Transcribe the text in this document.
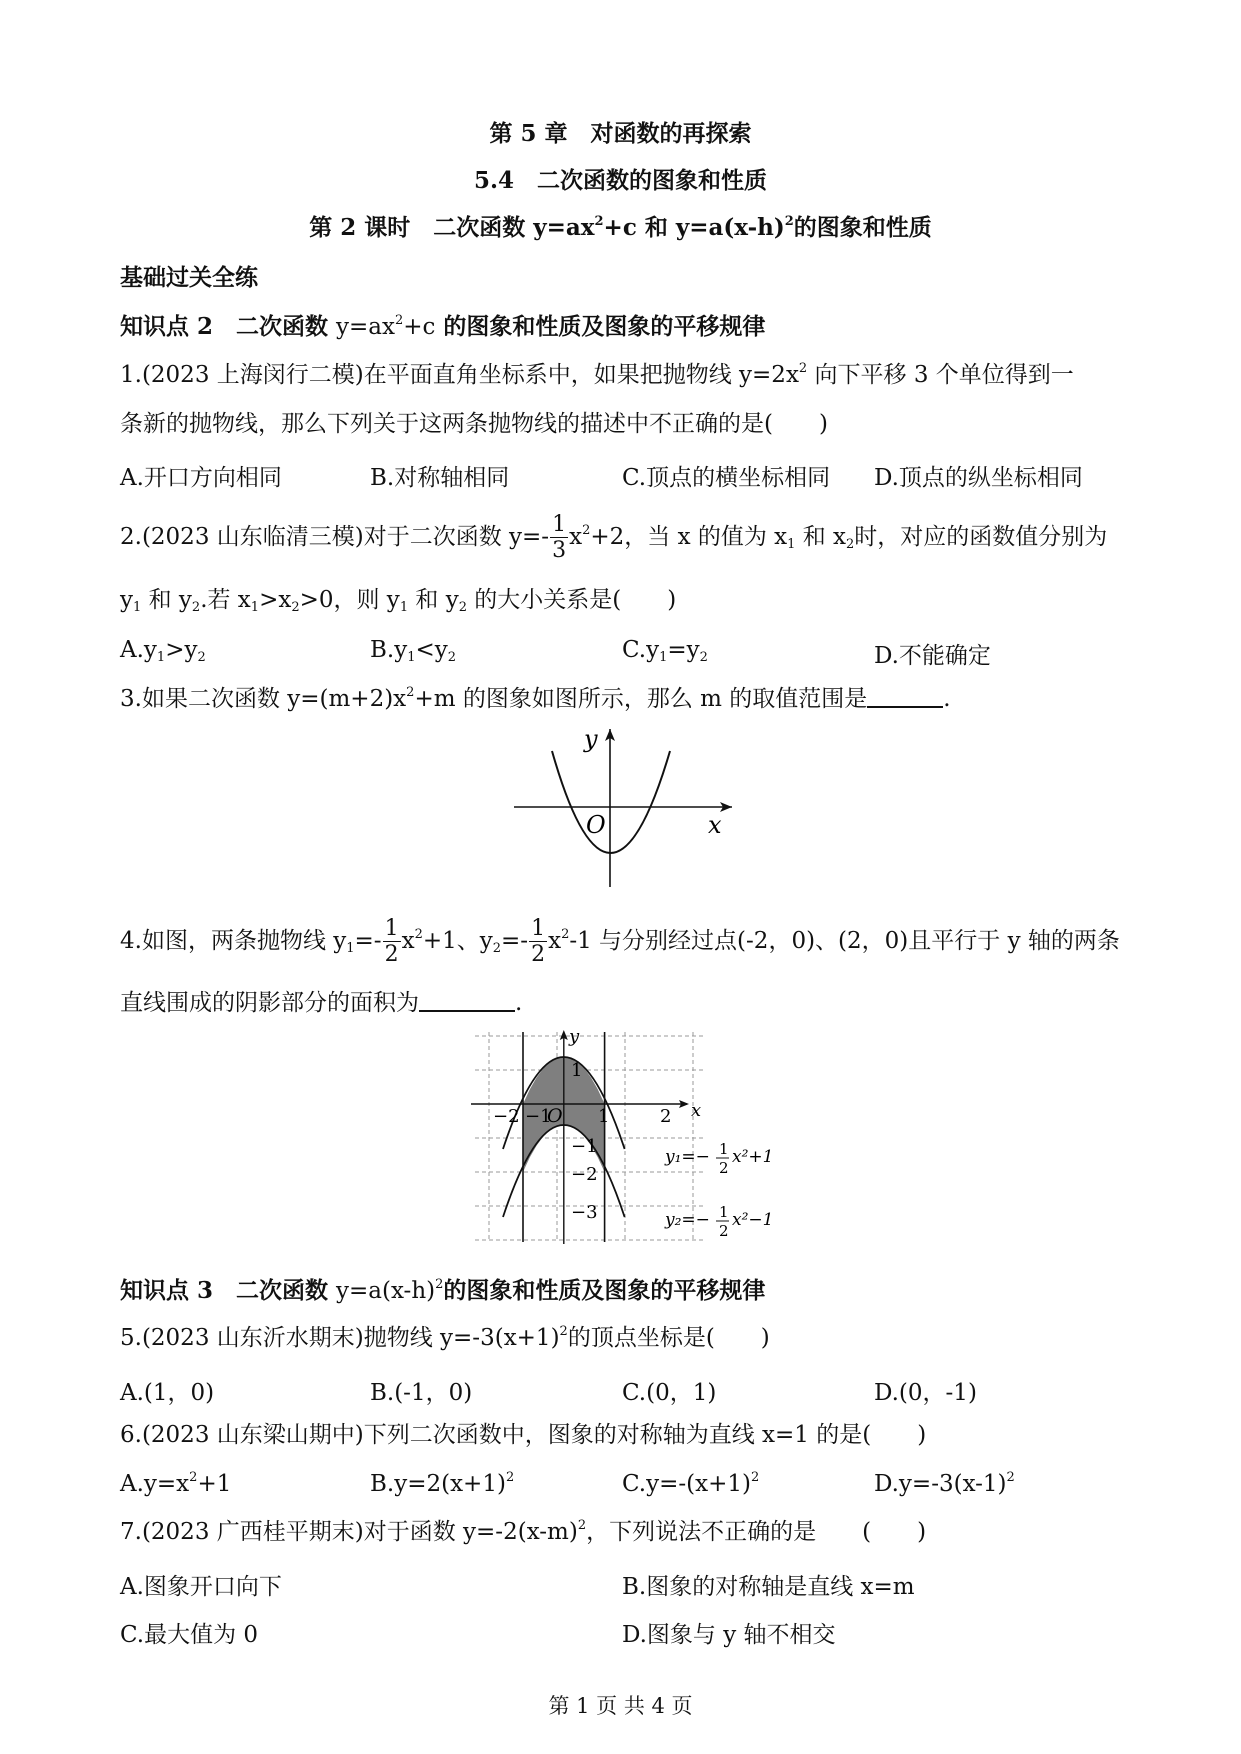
第 5 章　对函数的再探索
5.4　二次函数的图象和性质
第 2 课时　二次函数 $y=ax^2+c$ 和 $y=a(x-h)^2$的图象和性质
基础过关全练
知识点 2　二次函数 $y=ax^2+c$ 的图象和性质及图象的平移规律
1.(2023 上海闵行二模)在平面直角坐标系中，如果把抛物线 $y=2x^2$ 向下平移 3 个单位得到一
条新的抛物线，那么下列关于这两条抛物线的描述中不正确的是(　　)
A.开口方向相同	B.对称轴相同	C.顶点的横坐标相同 D.顶点的纵坐标相同
2.(2023 山东临清三模)对于二次函数 $y=- \frac{1}{3} x^2+2$，当 x 的值为 $x_1$ 和 $x_2$时，对应的函数值分别为
$y_1$ 和 $y_2$.若 $x_1>x_2>0$，则 $y_1$ 和 $y_2$ 的大小关系是(　　)
$A.y_1>y_2$	$B.y_1<y_2$	$C.y_1=y_2$	D.不能确定
3.如果二次函数 $y=(m+2)x^2+m$ 的图象如图所示，那么 m 的取值范围是	.
y
x
O
4.如图，两条抛物线 $y_1=- \frac{1}{2} x^2+1$、$y_2=- \frac{1}{2} x^2-1$ 与分别经过点(-2，0)、(2，0)且平行于 y 轴的两条
直线围成的阴影部分的面积为	.
y
x
O
−2 −1	1	2
1
−1
−2
−3
y₁=− 1
2
x²+1
y₂=− 1
2
x²−1
知识点 3　二次函数 $y=a(x-h)^2$的图象和性质及图象的平移规律
5.(2023 山东沂水期末)抛物线 $y=-3(x+1)^2$的顶点坐标是(　　)
A.(1，0)	B.(-1，0)	C.(0，1)	D.(0，-1)
6.(2023 山东梁山期中)下列二次函数中，图象的对称轴为直线 x=1 的是(　　)
$A.y=x^2+1$	$B.y=2(x+1)^2$	$C.y=-(x+1)^2$	$D.y=-3(x-1)^2$
7.(2023 广西桂平期末)对于函数 $y=-2(x-m)^2$，下列说法不正确的是　　(　　)
A.图象开口向下	B.图象的对称轴是直线 x=m
C.最大值为 0	D.图象与 y 轴不相交
第 1 页 共 4 页
